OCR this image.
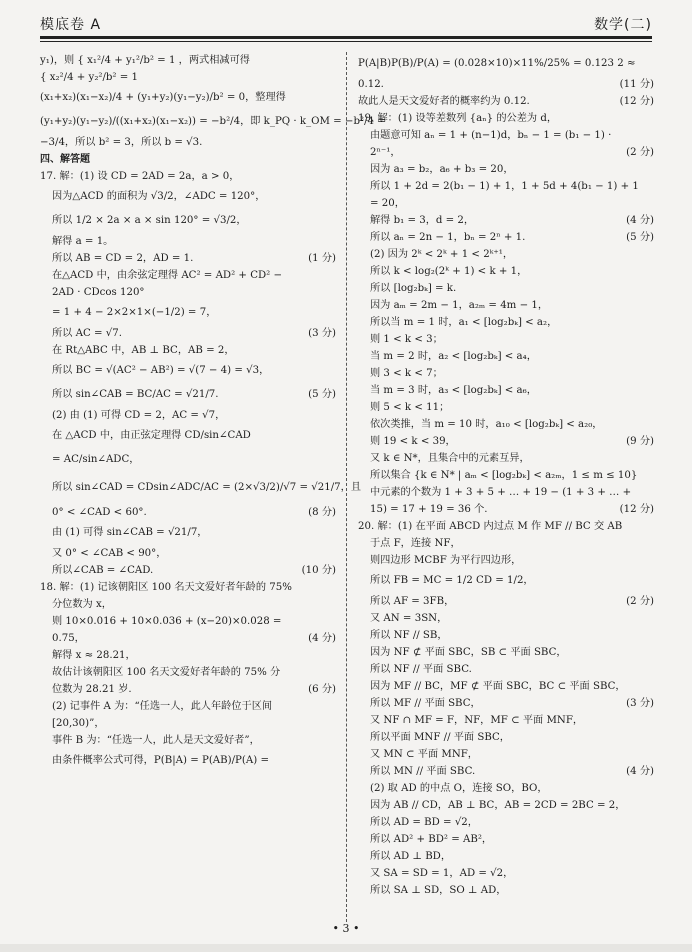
模底卷 A	数学(二)
y₁)，则 { x₁²/4 + y₁²/b² = 1 ，两式相减可得
{ x₂²/4 + y₂²/b² = 1
(x₁+x₂)(x₁−x₂)/4 + (y₁+y₂)(y₁−y₂)/b² = 0，整理得
(y₁+y₂)(y₁−y₂)/((x₁+x₂)(x₁−x₂)) = −b²/4，即 k_PQ · k_OM = −b²/4 =
−3/4，所以 b² = 3，所以 b = √3.
四、解答题
17. 解：(1) 设 CD = 2AD = 2a，a > 0，
因为△ACD 的面积为 √3/2，∠ADC = 120°，
所以 1/2 × 2a × a × sin 120° = √3/2，
解得 a = 1。
所以 AB = CD = 2，AD = 1.	(1 分)
在△ACD 中，由余弦定理得 AC² = AD² + CD² −
2AD · CDcos 120°
= 1 + 4 − 2×2×1×(−1/2) = 7，
所以 AC = √7.	(3 分)
在 Rt△ABC 中，AB ⊥ BC，AB = 2，
所以 BC = √(AC² − AB²) = √(7 − 4) = √3，
所以 sin∠CAB = BC/AC = √21/7.	(5 分)
(2) 由 (1) 可得 CD = 2，AC = √7，
在 △ACD 中，由正弦定理得 CD/sin∠CAD
= AC/sin∠ADC，
所以 sin∠CAD = CDsin∠ADC/AC = (2×√3/2)/√7 = √21/7，且
0° < ∠CAD < 60°.	(8 分)
由 (1) 可得 sin∠CAB = √21/7，
又 0° < ∠CAB < 90°，
所以∠CAB = ∠CAD.	(10 分)
18. 解：(1) 记该朝阳区 100 名天文爱好者年龄的 75%
分位数为 x，
则 10×0.016 + 10×0.036 + (x−20)×0.028 =
0.75，	(4 分)
解得 x ≈ 28.21，
故估计该朝阳区 100 名天文爱好者年龄的 75% 分
位数为 28.21 岁.	(6 分)
(2) 记事件 A 为：“任选一人，此人年龄位于区间
[20,30)”，
事件 B 为：“任选一人，此人是天文爱好者”，
由条件概率公式可得，P(B|A) = P(AB)/P(A) =
P(A|B)P(B)/P(A) = (0.028×10)×11%/25% = 0.123 2 ≈
0.12.	(11 分)
故此人是天文爱好者的概率约为 0.12.	(12 分)
19. 解：(1) 设等差数列 {aₙ} 的公差为 d，
由题意可知 aₙ = 1 + (n−1)d，bₙ − 1 = (b₁ − 1) ·
2ⁿ⁻¹，	(2 分)
因为 a₃ = b₂，a₆ + b₃ = 20，
所以 1 + 2d = 2(b₁ − 1) + 1，1 + 5d + 4(b₁ − 1) + 1
= 20，
解得 b₁ = 3，d = 2，	(4 分)
所以 aₙ = 2n − 1，bₙ = 2ⁿ + 1.	(5 分)
(2) 因为 2ᵏ < 2ᵏ + 1 < 2ᵏ⁺¹，
所以 k < log₂(2ᵏ + 1) < k + 1，
所以 [log₂bₖ] = k.
因为 aₘ = 2m − 1，a₂ₘ = 4m − 1，
所以当 m = 1 时，a₁ < [log₂bₖ] < a₂，
则 1 < k < 3；
当 m = 2 时，a₂ < [log₂bₖ] < a₄，
则 3 < k < 7；
当 m = 3 时，a₃ < [log₂bₖ] < a₆，
则 5 < k < 11；
依次类推，当 m = 10 时，a₁₀ < [log₂bₖ] < a₂₀，
则 19 < k < 39，	(9 分)
又 k ∈ N*，且集合中的元素互异，
所以集合 {k ∈ N* | aₘ < [log₂bₖ] < a₂ₘ，1 ≤ m ≤ 10}
中元素的个数为 1 + 3 + 5 + … + 19 − (1 + 3 + … +
15) = 17 + 19 = 36 个.	(12 分)
20. 解：(1) 在平面 ABCD 内过点 M 作 MF // BC 交 AB
于点 F，连接 NF，
则四边形 MCBF 为平行四边形，
所以 FB = MC = 1/2 CD = 1/2，
所以 AF = 3FB，	(2 分)
又 AN = 3SN，
所以 NF // SB，
因为 NF ⊄ 平面 SBC，SB ⊂ 平面 SBC，
所以 NF // 平面 SBC.
因为 MF // BC，MF ⊄ 平面 SBC，BC ⊂ 平面 SBC，
所以 MF // 平面 SBC，	(3 分)
又 NF ∩ MF = F，NF，MF ⊂ 平面 MNF，
所以平面 MNF // 平面 SBC，
又 MN ⊂ 平面 MNF，
所以 MN // 平面 SBC.	(4 分)
(2) 取 AD 的中点 O，连接 SO，BO，
因为 AB // CD，AB ⊥ BC，AB = 2CD = 2BC = 2，
所以 AD = BD = √2，
所以 AD² + BD² = AB²，
所以 AD ⊥ BD，
又 SA = SD = 1，AD = √2，
所以 SA ⊥ SD，SO ⊥ AD，
• 3 •
